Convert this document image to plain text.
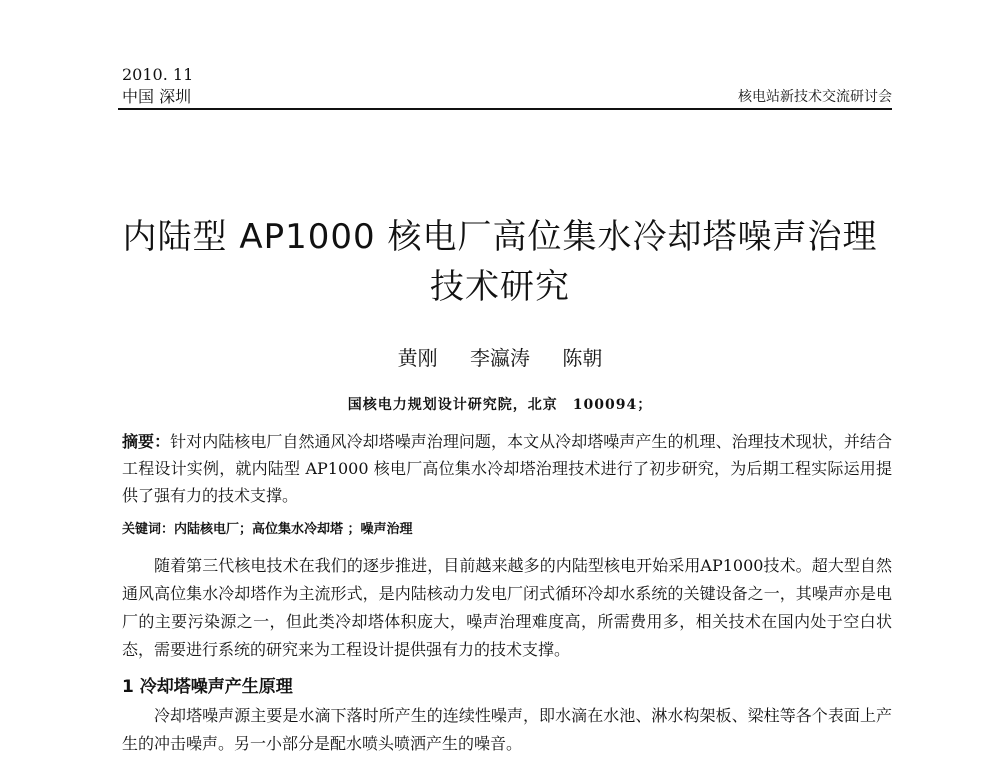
2010. 11
中国 深圳	核电站新技术交流研讨会
内陆型 AP1000 核电厂高位集水冷却塔噪声治理
技术研究
黄刚 李瀛涛 陈朝
国核电力规划设计研究院，北京　100094；
摘要：针对内陆核电厂自然通风冷却塔噪声治理问题，本文从冷却塔噪声产生的机理、治理技术现状，并结合工程设计实例，就内陆型 AP1000 核电厂高位集水冷却塔治理技术进行了初步研究，为后期工程实际运用提供了强有力的技术支撑。
关键词：内陆核电厂；高位集水冷却塔 ；噪声治理
随着第三代核电技术在我们的逐步推进，目前越来越多的内陆型核电开始采用AP1000技术。超大型自然通风高位集水冷却塔作为主流形式，是内陆核动力发电厂闭式循环冷却水系统的关键设备之一，其噪声亦是电厂的主要污染源之一，但此类冷却塔体积庞大，噪声治理难度高，所需费用多，相关技术在国内处于空白状态，需要进行系统的研究来为工程设计提供强有力的技术支撑。
1 冷却塔噪声产生原理
冷却塔噪声源主要是水滴下落时所产生的连续性噪声，即水滴在水池、淋水构架板、梁柱等各个表面上产生的冲击噪声。另一小部分是配水喷头喷洒产生的噪音。
